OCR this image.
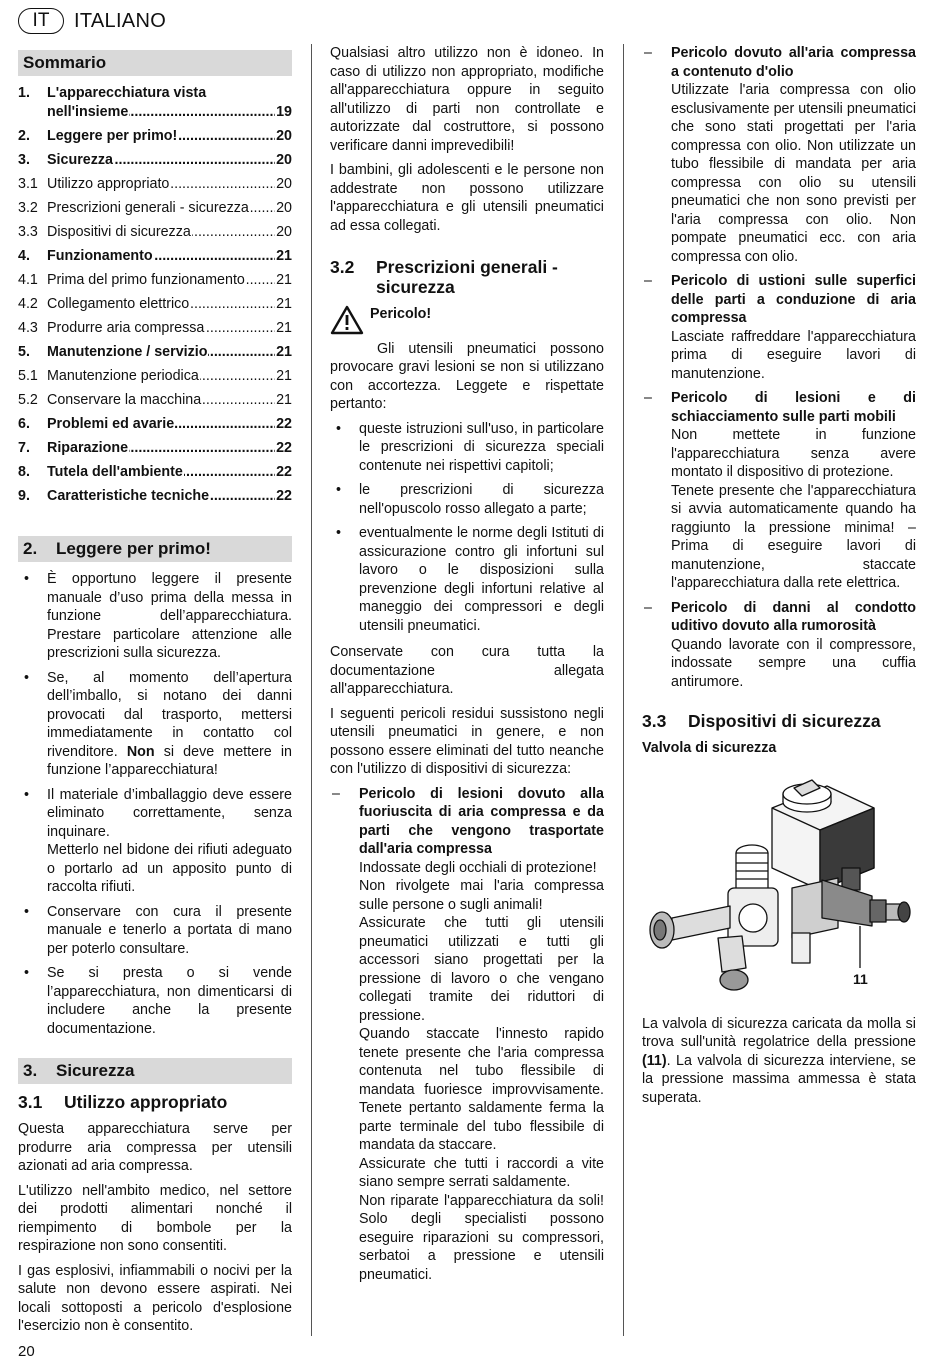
IT	ITALIANO
Sommario
1.	L'apparecchiatura vista
nell'insieme .....	19
2.	Leggere per primo! .....	20
3.	Sicurezza .....	20
3.1 Utilizzo appropriato .....	20
3.2 Prescrizioni generali - sicurezza .....	20
3.3 Dispositivi di sicurezza .....	20
4.	Funzionamento .....	21
4.1 Prima del primo funzionamento .....	21
4.2 Collegamento elettrico .....	21
4.3 Produrre aria compressa .....	21
5.	Manutenzione / servizio .....	21
5.1 Manutenzione periodica .....	21
5.2 Conservare la macchina .....	21
6.	Problemi ed avarie .....	22
7.	Riparazione .....	22
8.	Tutela dell'ambiente .....	22
9.	Caratteristiche tecniche .....	22
2. Leggere per primo!
• È opportuno leggere il presente manuale d’uso prima della messa in funzione dell’apparecchiatura. Prestare particolare attenzione alle prescrizioni sulla sicurezza.
• Se, al momento dell’apertura dell’imballo, si notano dei danni provocati dal trasporto, mettersi immediatamente in contatto col rivenditore. Non si deve mettere in funzione l’apparecchiatura!
• Il materiale d’imballaggio deve essere eliminato correttamente, senza inquinare.
Metterlo nel bidone dei rifiuti adeguato o portarlo ad un apposito punto di raccolta rifiuti.
• Conservare con cura il presente manuale e tenerlo a portata di mano per poterlo consultare.
• Se si presta o si vende l’apparecchiatura, non dimenticarsi di includere anche la presente documentazione.
3. Sicurezza
3.1	Utilizzo appropriato

Questa apparecchiatura serve per produrre aria compressa per utensili azionati ad aria compressa.

L'utilizzo nell'ambito medico, nel settore dei prodotti alimentari nonché il riempimento di bombole per la respirazione non sono consentiti.

I gas esplosivi, infiammabili o nocivi per la salute non devono essere aspirati. Nei locali sottoposti a pericolo d'esplosione l'esercizio non è consentito.

Qualsiasi altro utilizzo non è idoneo. In caso di utilizzo non appropriato, modifiche all'apparecchiatura oppure in seguito all'utilizzo di parti non controllate e autorizzate dal costruttore, si possono verificare danni imprevedibili!

I bambini, gli adolescenti e le persone non addestrate non possono utilizzare l'apparecchiatura e gli utensili pneumatici ad essa collegati.

3.2	Prescrizioni generali - sicurezza
Pericolo!

Gli utensili pneumatici possono provocare gravi lesioni se non si utilizzano con accortezza. Leggete e rispettate pertanto:

• queste istruzioni sull'uso, in particolare le prescrizioni di sicurezza speciali contenute nei rispettivi capitoli;
• le prescrizioni di sicurezza nell'opuscolo rosso allegato a parte;
• eventualmente le norme degli Istituti di assicurazione contro gli infortuni sul lavoro o le disposizioni sulla prevenzione degli infortuni relative al maneggio dei compressori e degli utensili pneumatici.

Conservate con cura tutta la documentazione allegata all'apparecchiatura.

I seguenti pericoli residui sussistono negli utensili pneumatici in genere, e non possono essere eliminati del tutto neanche con l'utilizzo di dispositivi di sicurezza:

– Pericolo di lesioni dovuto alla fuoriuscita di aria compressa e da parti che vengono trasportate dall'aria compressa
Indossate degli occhiali di protezione!
Non rivolgete mai l'aria compressa sulle persone o sugli animali!
Assicurate che tutti gli utensili pneumatici utilizzati e tutti gli accessori siano progettati per la pressione di lavoro o che vengano collegati tramite dei riduttori di pressione.
Quando staccate l'innesto rapido tenete presente che l'aria compressa contenuta nel tubo flessibile di mandata fuoriesce improvvisamente. Tenete pertanto saldamente ferma la parte terminale del tubo flessibile di mandata da staccare.
Assicurate che tutti i raccordi a vite siano sempre serrati saldamente.
Non riparate l'apparecchiatura da soli! Solo degli specialisti possono eseguire riparazioni su compressori, serbatoi a pressione e utensili pneumatici.
– Pericolo dovuto all'aria compressa a contenuto d'olio
Utilizzate l'aria compressa con olio esclusivamente per utensili pneumatici che sono stati progettati per l'aria compressa con olio. Non utilizzate un tubo flessibile di mandata per aria compressa con olio su utensili pneumatici che non sono previsti per l'aria compressa con olio. Non pompate pneumatici ecc. con aria compressa con olio.
– Pericolo di ustioni sulle superfici delle parti a conduzione di aria compressa
Lasciate raffreddare l'apparecchiatura prima di eseguire lavori di manutenzione.
– Pericolo di lesioni e di schiacciamento sulle parti mobili
Non mettete in funzione l'apparecchiatura senza avere montato il dispositivo di protezione.
Tenete presente che l'apparecchiatura si avvia automaticamente quando ha raggiunto la pressione minima! – Prima di eseguire lavori di manutenzione, staccate l'apparecchiatura dalla rete elettrica.
– Pericolo di danni al condotto uditivo dovuto alla rumorosità
Quando lavorate con il compressore, indossate sempre una cuffia antirumore.
3.3	Dispositivi di sicurezza
Valvola di sicurezza
11

La valvola di sicurezza caricata da molla si trova sull'unità regolatrice della pressione (11). La valvola di sicurezza interviene, se la pressione massima ammessa è stata superata.

20
